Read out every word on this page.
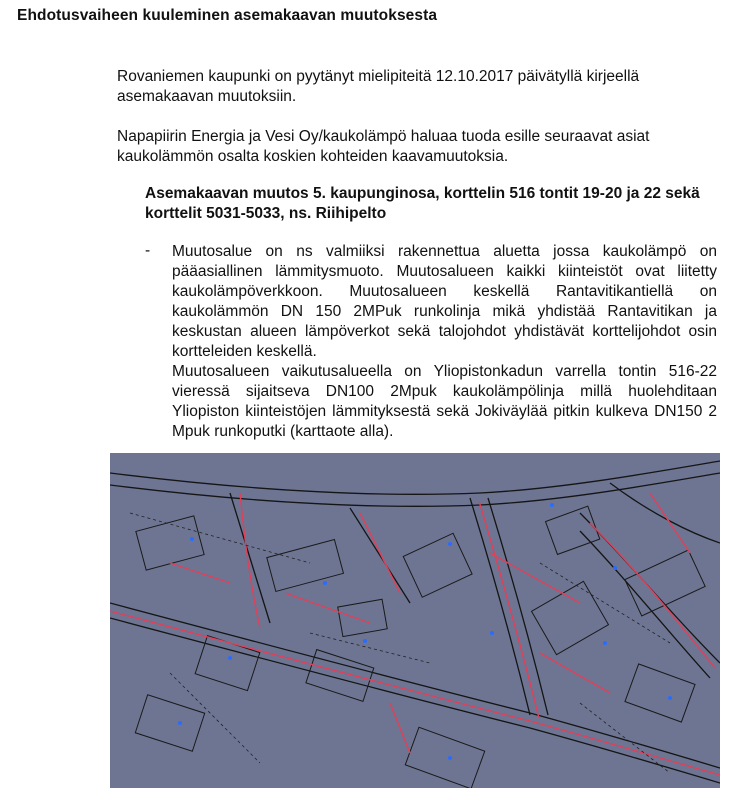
Ehdotusvaiheen kuuleminen asemakaavan muutoksesta
Rovaniemen kaupunki on pyytänyt mielipiteitä 12.10.2017 päivätyllä kirjeellä asemakaavan muutoksiin.
Napapiirin Energia ja Vesi Oy/kaukolämpö haluaa tuoda esille seuraavat asiat kaukolämmön osalta koskien kohteiden kaavamuutoksia.
Asemakaavan muutos 5. kaupunginosa, korttelin 516 tontit 19-20 ja 22 sekä korttelit 5031-5033, ns. Riihipelto
- Muutosalue on ns valmiiksi rakennettua aluetta jossa kaukolämpö on pääasiallinen lämmitysmuoto. Muutosalueen kaikki kiinteistöt ovat liitetty kaukolämpöverkkoon. Muutosalueen keskellä Rantavitikantiellä on kaukolämmön DN 150 2MPuk runkolinja mikä yhdistää Rantavitikan ja keskustan alueen lämpöverkot sekä talojohdot yhdistävät korttelijohdot osin kortteleiden keskellä.

Muutosalueen vaikutusalueella on Yliopistonkadun varrella tontin 516-22 vieressä sijaitseva DN100 2Mpuk kaukolämpölinja millä huolehditaan Yliopiston kiinteistöjen lämmityksestä sekä Jokiväylää pitkin kulkeva DN150 2 Mpuk runkoputki (karttaote alla).
